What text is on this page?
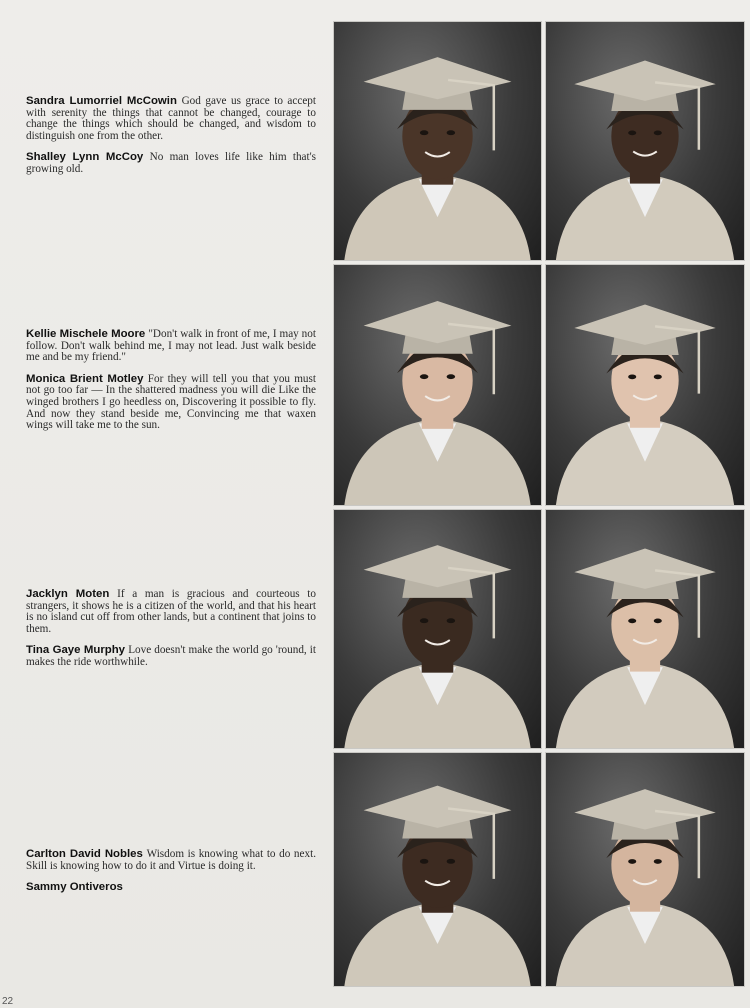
Sandra Lumorriel McCowin God gave us grace to accept with serenity the things that cannot be changed, courage to change the things which should be changed, and wisdom to distinguish one from the other.

Shalley Lynn McCoy No man loves life like him that's growing old.

Kellie Mischele Moore "Don't walk in front of me, I may not follow. Don't walk behind me, I may not lead. Just walk beside me and be my friend."

Monica Brient Motley For they will tell you that you must not go too far — In the shattered madness you will die Like the winged brothers I go heedless on, Discovering it possible to fly. And now they stand beside me, Convincing me that waxen wings will take me to the sun.

Jacklyn Moten If a man is gracious and courteous to strangers, it shows he is a citizen of the world, and that his heart is no island cut off from other lands, but a continent that joins to them.

Tina Gaye Murphy Love doesn't make the world go 'round, it makes the ride worthwhile.

Carlton David Nobles Wisdom is knowing what to do next. Skill is knowing how to do it and Virtue is doing it.

Sammy Ontiveros

22
